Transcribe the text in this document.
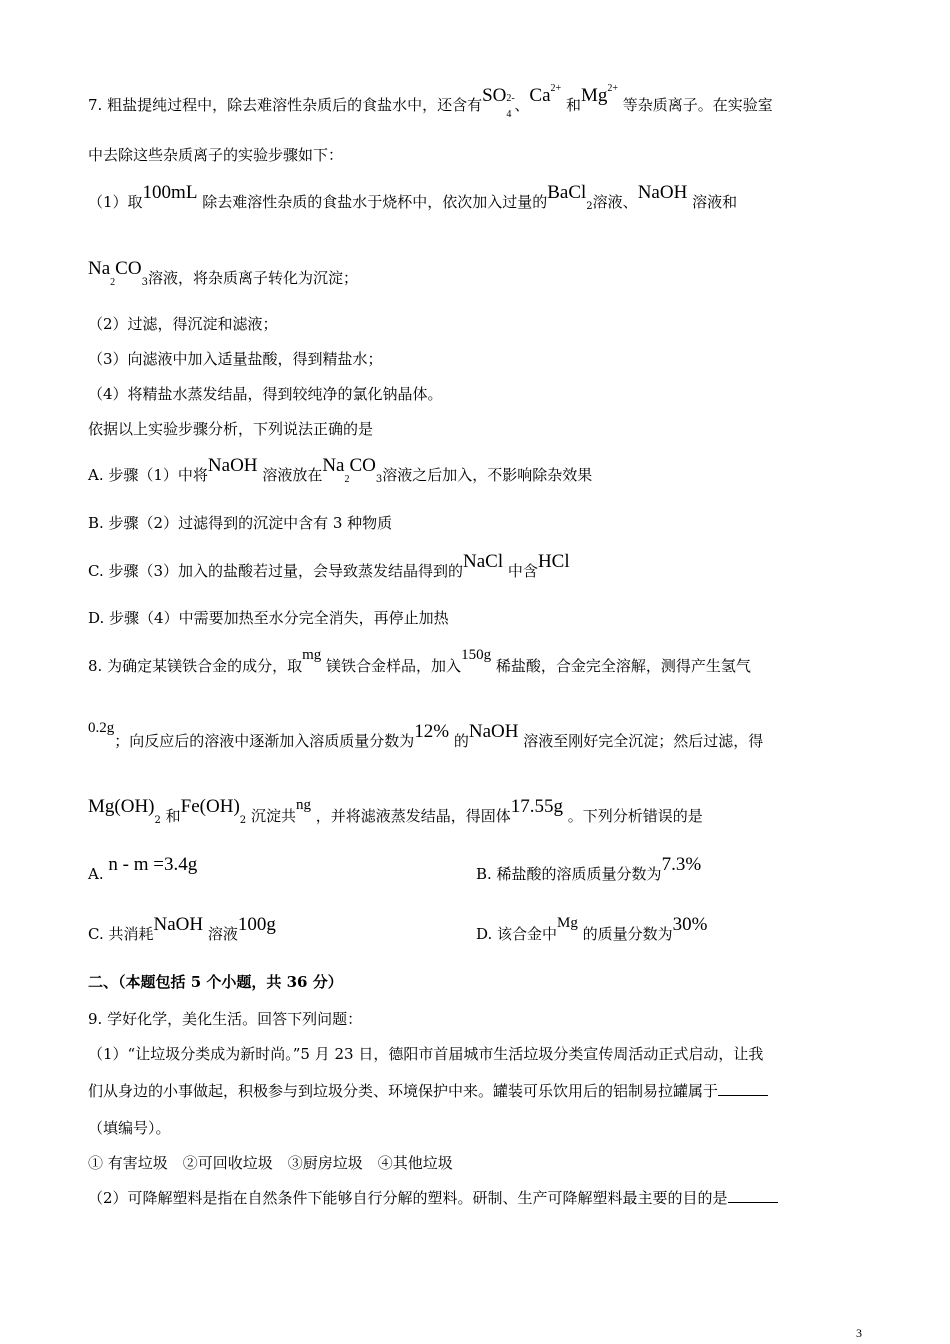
7. 粗盐提纯过程中，除去难溶性杂质后的食盐水中，还含有SO
4
2- 、$Ca^{2+}$ 和$Mg^{2+}$ 等杂质离子。在实验室
中去除这些杂质离子的实验步骤如下：
（1）取100mL 除去难溶性杂质的食盐水于烧杯中，依次加入过量的BaCl2溶液、NaOH 溶液和
$Na_2CO3$溶液，将杂质离子转化为沉淀；
（2）过滤，得沉淀和滤液；
（3）向滤液中加入适量盐酸，得到精盐水；
（4）将精盐水蒸发结晶，得到较纯净的氯化钠晶体。
依据以上实验步骤分析，下列说法正确的是
A. 步骤（1）中将NaOH 溶液放在$Na_2CO3$溶液之后加入，不影响除杂效果
B. 步骤（2）过滤得到的沉淀中含有 3 种物质
C. 步骤（3）加入的盐酸若过量，会导致蒸发结晶得到的NaCl 中含HCl
D. 步骤（4）中需要加热至水分完全消失，再停止加热
8. 为确定某镁铁合金的成分，取mg 镁铁合金样品，加入150g 稀盐酸，合金完全溶解，测得产生氢气
0.2g；向反应后的溶液中逐渐加入溶质质量分数为12% 的NaOH 溶液至刚好完全沉淀；然后过滤，得
Mg(OH)2 和Fe(OH)2 沉淀共ng ，并将滤液蒸发结晶，得固体17.55g 。下列分析错误的是
A. n - m =3.4g	B. 稀盐酸的溶质质量分数为7.3%
C. 共消耗NaOH 溶液100g	D. 该合金中Mg 的质量分数为30%
二、（本题包括 5 个小题，共 36 分）
9. 学好化学，美化生活。回答下列问题：
（1）“让垃圾分类成为新时尚。”5 月 23 日，德阳市首届城市生活垃圾分类宣传周活动正式启动，让我
们从身边的小事做起，积极参与到垃圾分类、环境保护中来。罐装可乐饮用后的铝制易拉罐属于
（填编号）。
① 有害垃圾　②可回收垃圾　③厨房垃圾　④其他垃圾
（2）可降解塑料是指在自然条件下能够自行分解的塑料。研制、生产可降解塑料最主要的目的是
3
